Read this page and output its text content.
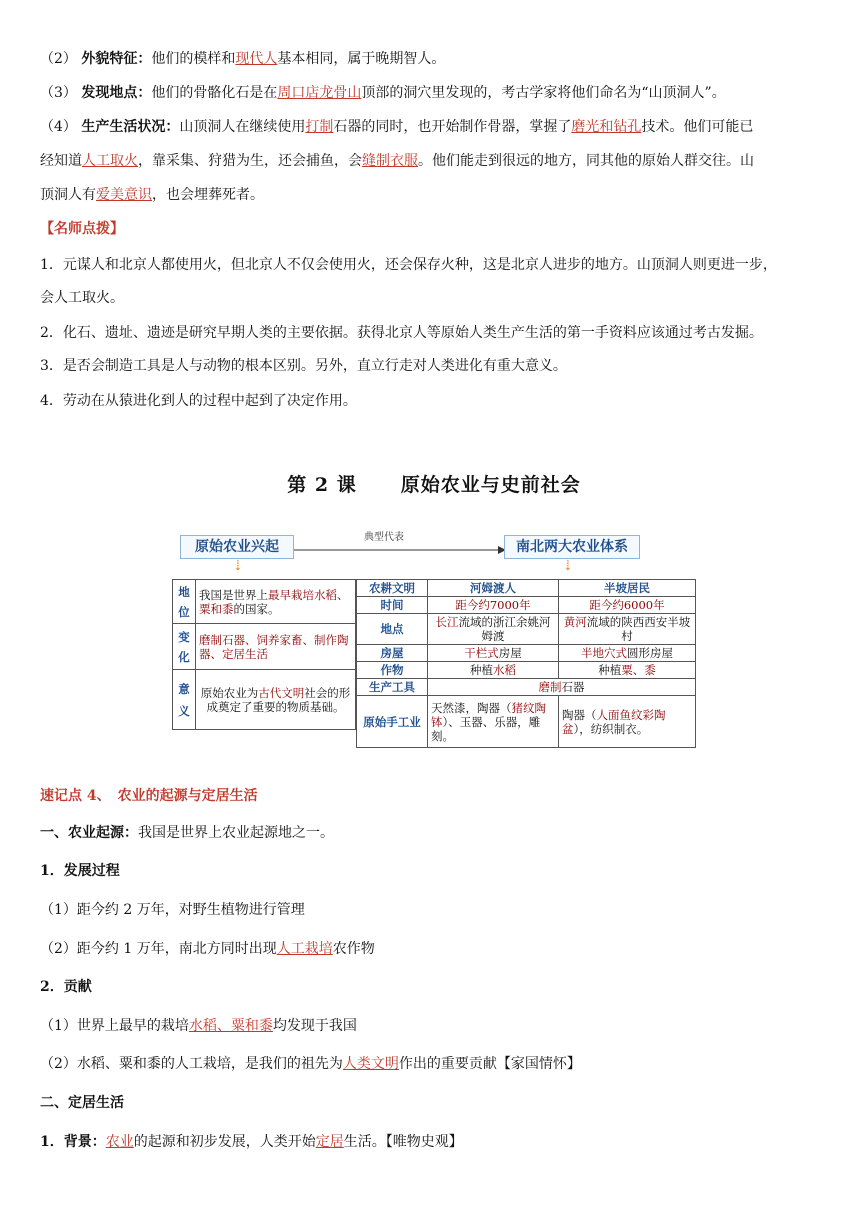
（2） 外貌特征：他们的模样和现代人基本相同，属于晚期智人。
（3） 发现地点：他们的骨骼化石是在周口店龙骨山顶部的洞穴里发现的，考古学家将他们命名为“山顶洞人”。
（4） 生产生活状况：山顶洞人在继续使用打制石器的同时，也开始制作骨器，掌握了磨光和钻孔技术。他们可能已
经知道人工取火，靠采集、狩猎为生，还会捕鱼，会缝制衣服。他们能走到很远的地方，同其他的原始人群交往。山
顶洞人有爱美意识，也会埋葬死者。
【名师点拨】
1．元谋人和北京人都使用火，但北京人不仅会使用火，还会保存火种，这是北京人进步的地方。山顶洞人则更进一步，
会人工取火。
2．化石、遗址、遗迹是研究早期人类的主要依据。获得北京人等原始人类生产生活的第一手资料应该通过考古发掘。
3．是否会制造工具是人与动物的根本区别。另外，直立行走对人类进化有重大意义。
4．劳动在从猿进化到人的过程中起到了决定作用。
第 2 课 原始农业与史前社会
原始农业兴起
典型代表
南北两大农业体系
⇣	⇣
地
位	我国是世界上最早栽培水稻、粟和黍的国家。
变
化	磨制石器、饲养家畜、制作陶器、定居生活
意
义	原始农业为古代文明社会的形成奠定了重要的物质基础。
农耕文明	河姆渡人	半坡居民
时间	距今约7000年	距今约6000年
地点	长江流域的浙江余姚河姆渡	黄河流域的陕西西安半坡村
房屋	干栏式房屋	半地穴式圆形房屋
作物	种植水稻	种植粟、黍
生产工具	磨制石器	
原始手工业	天然漆，陶器（猪纹陶钵）、玉器、乐器，雕刻。	陶器（人面鱼纹彩陶盆），纺织制衣。
速记点 4、　农业的起源与定居生活
一、农业起源：我国是世界上农业起源地之一。
1．发展过程
（1）距今约 2 万年，对野生植物进行管理
（2）距今约 1 万年，南北方同时出现人工栽培农作物
2．贡献
（1）世界上最早的栽培水稻、粟和黍均发现于我国
（2）水稻、粟和黍的人工栽培，是我们的祖先为人类文明作出的重要贡献【家国情怀】
二、定居生活
1．背景：农业的起源和初步发展，人类开始定居生活。【唯物史观】
